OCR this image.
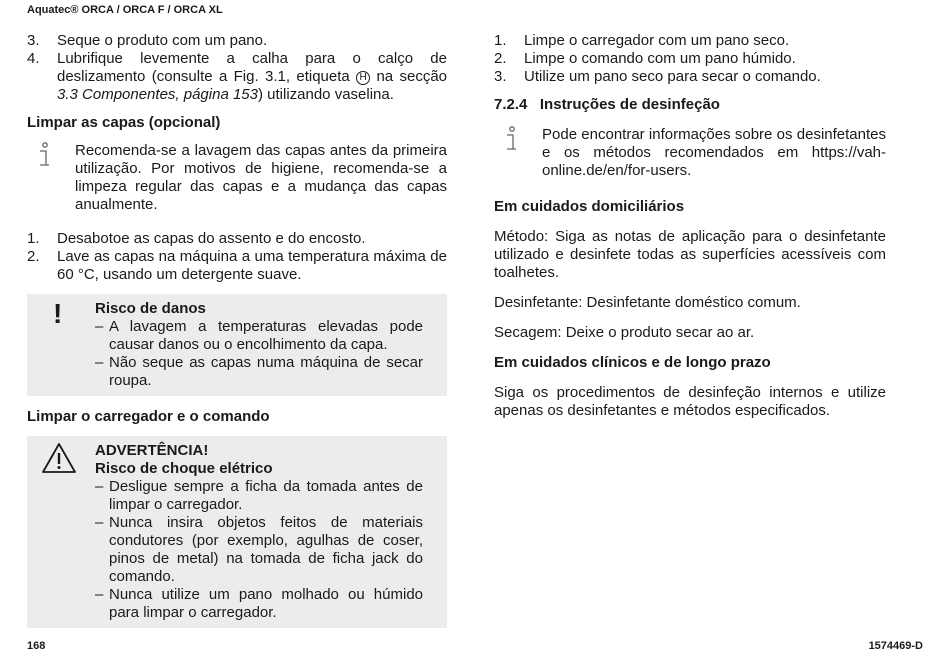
Aquatec® ORCA / ORCA F / ORCA XL
3.	Seque o produto com um pano.
4.	Lubrifique levemente a calha para o calço de deslizamento (consulte a Fig. 3.1, etiqueta H na secção 3.3 Componentes, página 153) utilizando vaselina.

Limpar as capas (opcional)

Recomenda-se a lavagem das capas antes da primeira utilização. Por motivos de higiene, recomenda-se a limpeza regular das capas e a mudança das capas anualmente.
1.	Desabotoe as capas do assento e do encosto.
2.	Lave as capas na máquina a uma temperatura máxima de 60 °C, usando um detergente suave.
!	Risco de danos

– A lavagem a temperaturas elevadas pode causar danos ou o encolhimento da capa.
– Não seque as capas numa máquina de secar roupa.

Limpar o carregador e o comando

ADVERTÊNCIA!

Risco de choque elétrico

– Desligue sempre a ficha da tomada antes de limpar o carregador.
– Nunca insira objetos feitos de materiais condutores (por exemplo, agulhas de coser, pinos de metal) na tomada de ficha jack do comando.
– Nunca utilize um pano molhado ou húmido para limpar o carregador.
1.	Limpe o carregador com um pano seco.
2.	Limpe o comando com um pano húmido.
3.	Utilize um pano seco para secar o comando.

7.2.4 Instruções de desinfeção

Pode encontrar informações sobre os desinfetantes e os métodos recomendados em https://vah-online.de/en/for-users.

Em cuidados domiciliários

Método: Siga as notas de aplicação para o desinfetante utilizado e desinfete todas as superfícies acessíveis com toalhetes.

Desinfetante: Desinfetante doméstico comum.

Secagem: Deixe o produto secar ao ar.

Em cuidados clínicos e de longo prazo

Siga os procedimentos de desinfeção internos e utilize apenas os desinfetantes e métodos especificados.

168	1574469-D
